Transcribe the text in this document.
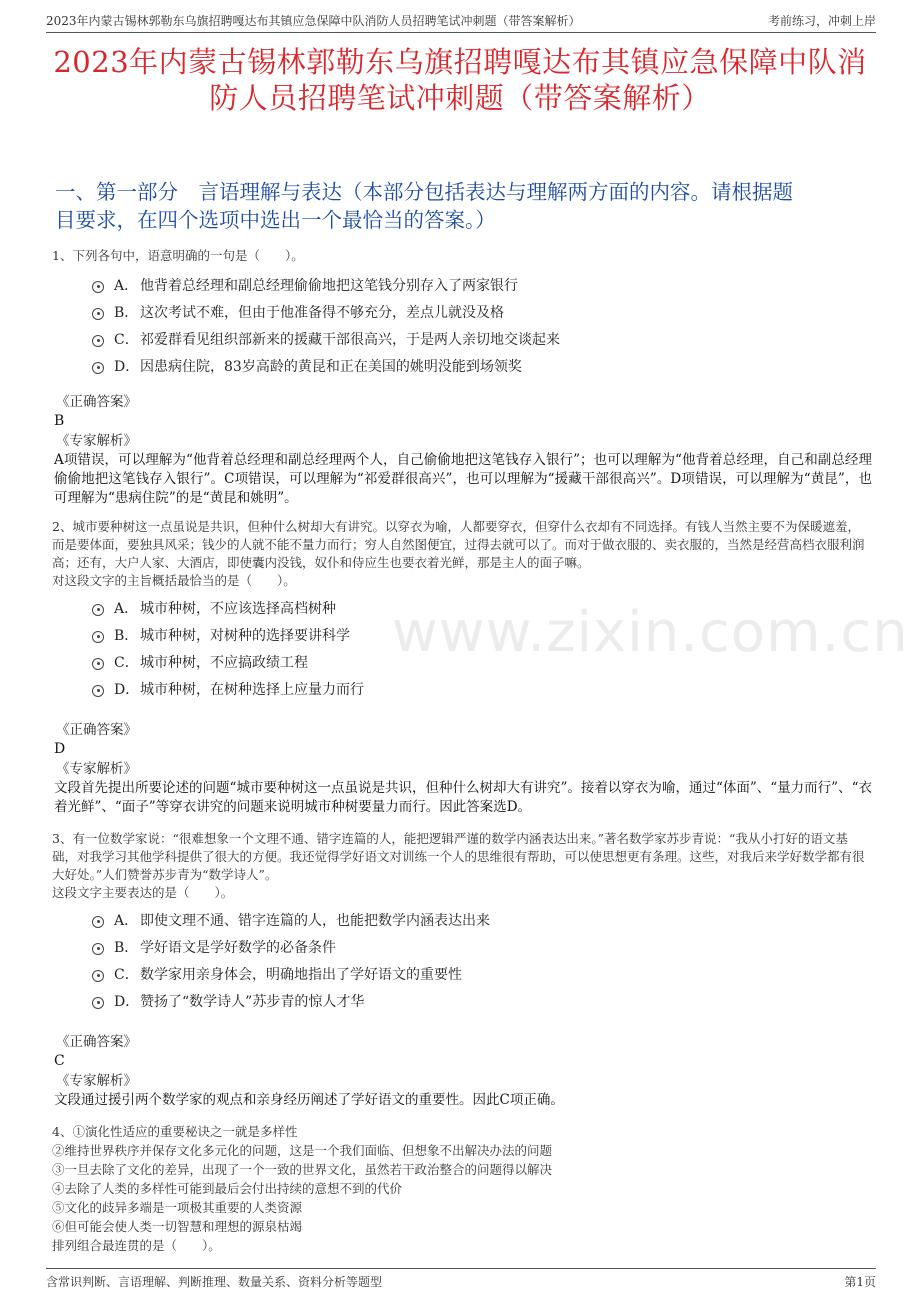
2023年内蒙古锡林郭勒东乌旗招聘嘎达布其镇应急保障中队消防人员招聘笔试冲刺题（带答案解析）	考前练习，冲刺上岸
2023年内蒙古锡林郭勒东乌旗招聘嘎达布其镇应急保障中队消
防人员招聘笔试冲刺题（带答案解析）
一、第一部分　言语理解与表达（本部分包括表达与理解两方面的内容。请根据题
目要求，在四个选项中选出一个最恰当的答案。）
www.zixin.com.cn
1、下列各句中，语意明确的一句是（　　）。
A． 他背着总经理和副总经理偷偷地把这笔钱分别存入了两家银行
B． 这次考试不难，但由于他准备得不够充分，差点儿就没及格
C． 祁爱群看见组织部新来的援藏干部很高兴，于是两人亲切地交谈起来
D． 因患病住院，83岁高龄的黄昆和正在美国的姚明没能到场领奖
《正确答案》
B
《专家解析》
A项错误，可以理解为“他背着总经理和副总经理两个人，自己偷偷地把这笔钱存入银行”；也可以理解为“他背着总经理，自己和副总经理偷偷地把这笔钱存入银行”。C项错误，可以理解为“祁爱群很高兴”，也可以理解为“援藏干部很高兴”。D项错误，可以理解为“黄昆”，也可理解为“患病住院”的是“黄昆和姚明”。
2、城市要种树这一点虽说是共识，但种什么树却大有讲究。以穿衣为喻，人都要穿衣，但穿什么衣却有不同选择。有钱人当然主要不为保暖遮羞，而是要体面，要独具风采；钱少的人就不能不量力而行；穷人自然图便宜，过得去就可以了。而对于做衣服的、卖衣服的，当然是经营高档衣服利润高；还有，大户人家、大酒店，即使囊内没钱，奴仆和侍应生也要衣着光鲜，那是主人的面子嘛。
对这段文字的主旨概括最恰当的是（　　）。
A． 城市种树，不应该选择高档树种
B． 城市种树，对树种的选择要讲科学
C． 城市种树，不应搞政绩工程
D． 城市种树，在树种选择上应量力而行
《正确答案》
D
《专家解析》
文段首先提出所要论述的问题“城市要种树这一点虽说是共识，但种什么树却大有讲究”。接着以穿衣为喻，通过“体面”、“量力而行”、“衣着光鲜”、“面子”等穿衣讲究的问题来说明城市种树要量力而行。因此答案选D。
3、有一位数学家说：“很难想象一个文理不通、错字连篇的人，能把逻辑严谨的数学内涵表达出来。”著名数学家苏步青说：“我从小打好的语文基础，对我学习其他学科提供了很大的方便。我还觉得学好语文对训练一个人的思维很有帮助，可以使思想更有条理。这些，对我后来学好数学都有很大好处。”人们赞誉苏步青为“数学诗人”。
这段文字主要表达的是（　　）。
A． 即使文理不通、错字连篇的人，也能把数学内涵表达出来
B． 学好语文是学好数学的必备条件
C． 数学家用亲身体会，明确地指出了学好语文的重要性
D． 赞扬了“数学诗人”苏步青的惊人才华
《正确答案》
C
《专家解析》
文段通过援引两个数学家的观点和亲身经历阐述了学好语文的重要性。因此C项正确。
4、①演化性适应的重要秘诀之一就是多样性
②维持世界秩序并保存文化多元化的问题，这是一个我们面临、但想象不出解决办法的问题
③一旦去除了文化的差异，出现了一个一致的世界文化，虽然若干政治整合的问题得以解决
④去除了人类的多样性可能到最后会付出持续的意想不到的代价
⑤文化的歧异多端是一项极其重要的人类资源
⑥但可能会使人类一切智慧和理想的源泉枯竭
排列组合最连贯的是（　　）。
含常识判断、言语理解、判断推理、数量关系、资料分析等题型	第1页
